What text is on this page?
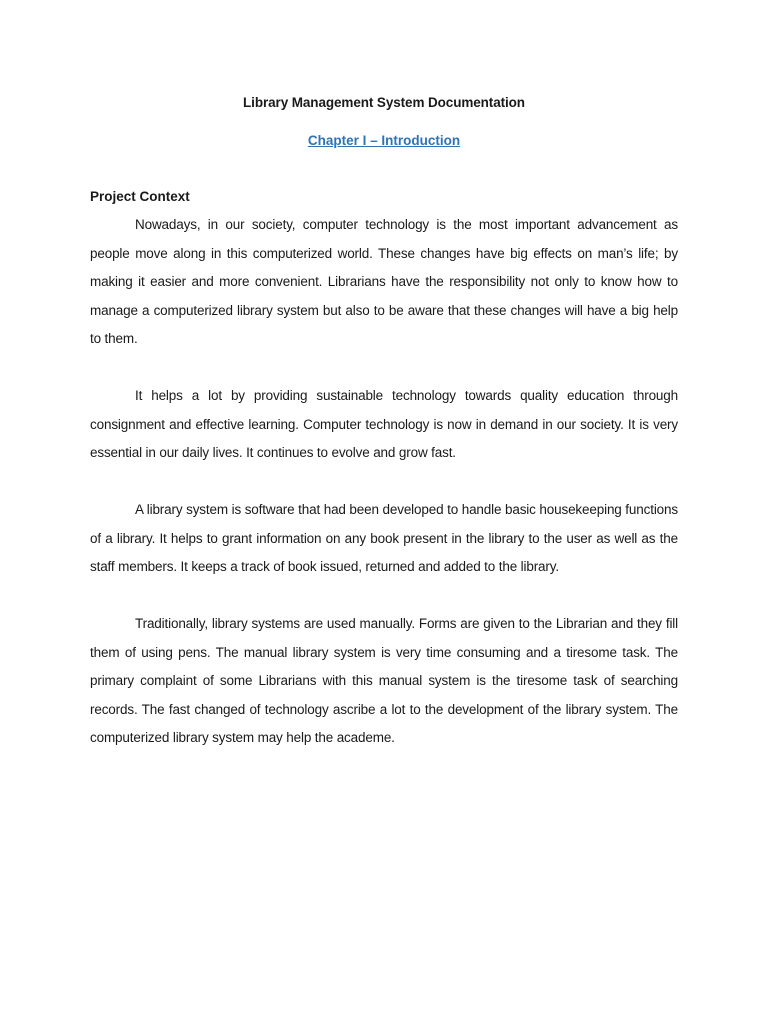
Library Management System Documentation
Chapter I – Introduction
Project Context

Nowadays, in our society, computer technology is the most important advancement as people move along in this computerized world. These changes have big effects on man’s life; by making it easier and more convenient. Librarians have the responsibility not only to know how to manage a computerized library system but also to be aware that these changes will have a big help to them.

It helps a lot by providing sustainable technology towards quality education through consignment and effective learning. Computer technology is now in demand in our society. It is very essential in our daily lives. It continues to evolve and grow fast.

A library system is software that had been developed to handle basic housekeeping functions of a library. It helps to grant information on any book present in the library to the user as well as the staff members. It keeps a track of book issued, returned and added to the library.

Traditionally, library systems are used manually. Forms are given to the Librarian and they fill them of using pens. The manual library system is very time consuming and a tiresome task. The primary complaint of some Librarians with this manual system is the tiresome task of searching records. The fast changed of technology ascribe a lot to the development of the library system. The computerized library system may help the academe.
